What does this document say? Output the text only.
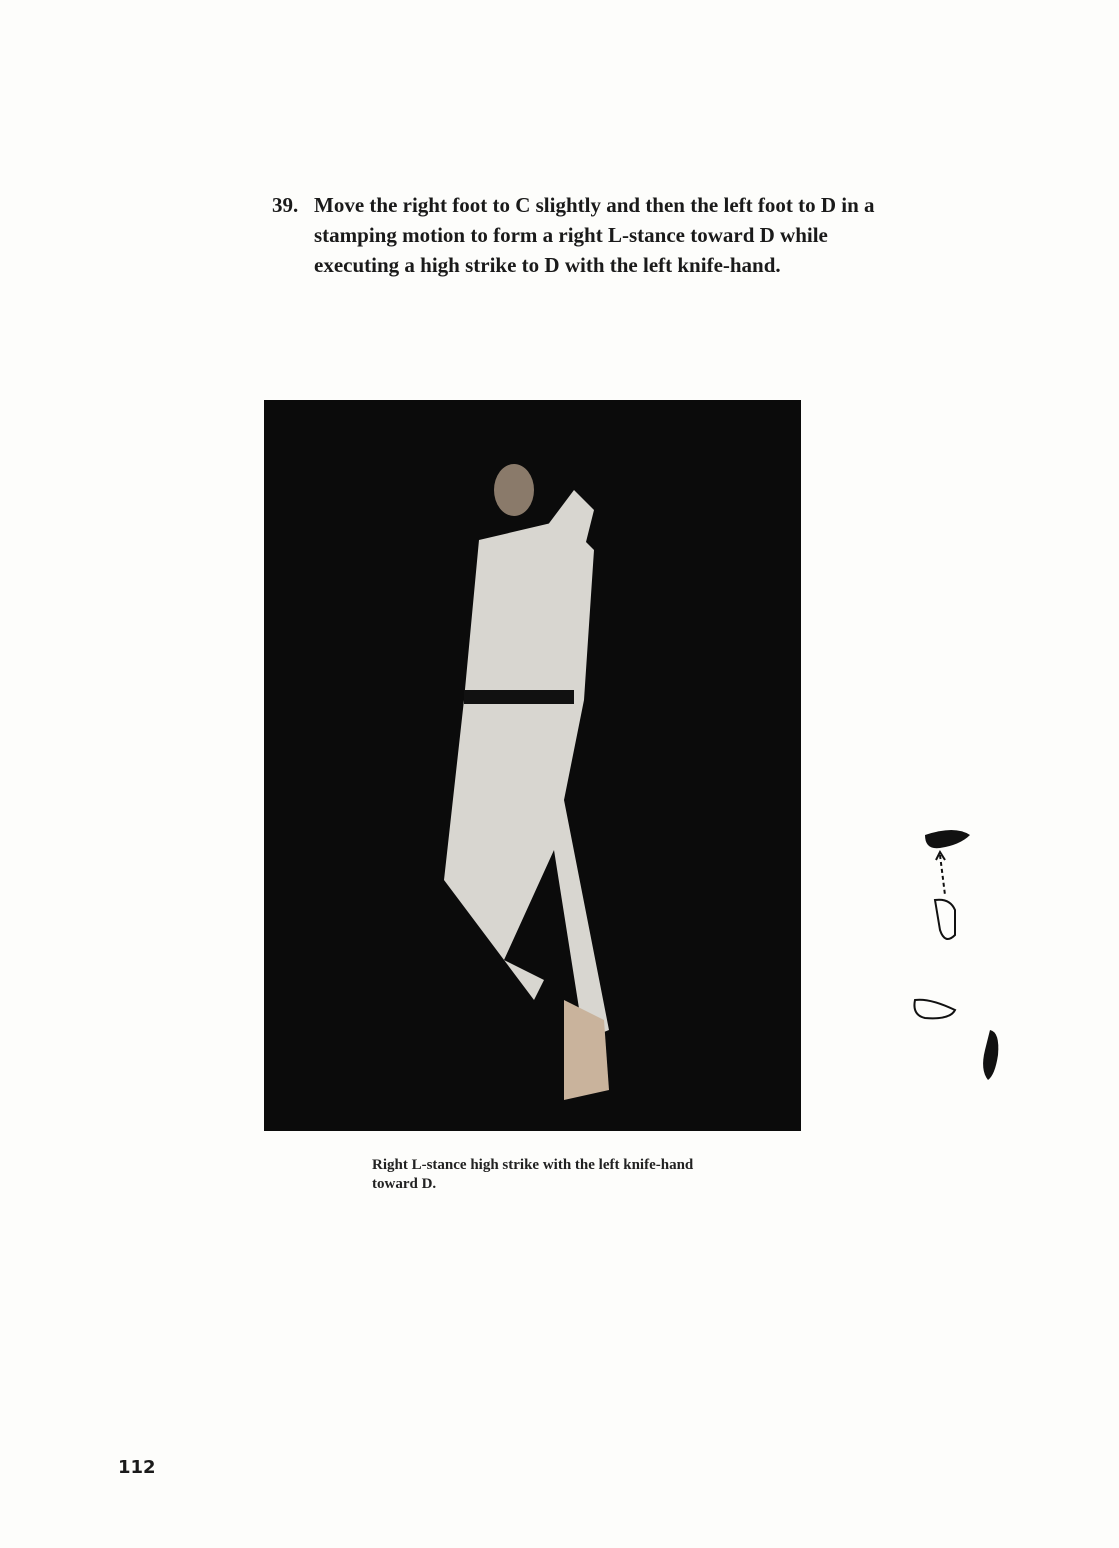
39. Move the right foot to C slightly and then the left foot to D in a stamping motion to form a right L-stance toward D while executing a high strike to D with the left knife-hand.
Right L-stance high strike with the left knife-hand toward D.
112
